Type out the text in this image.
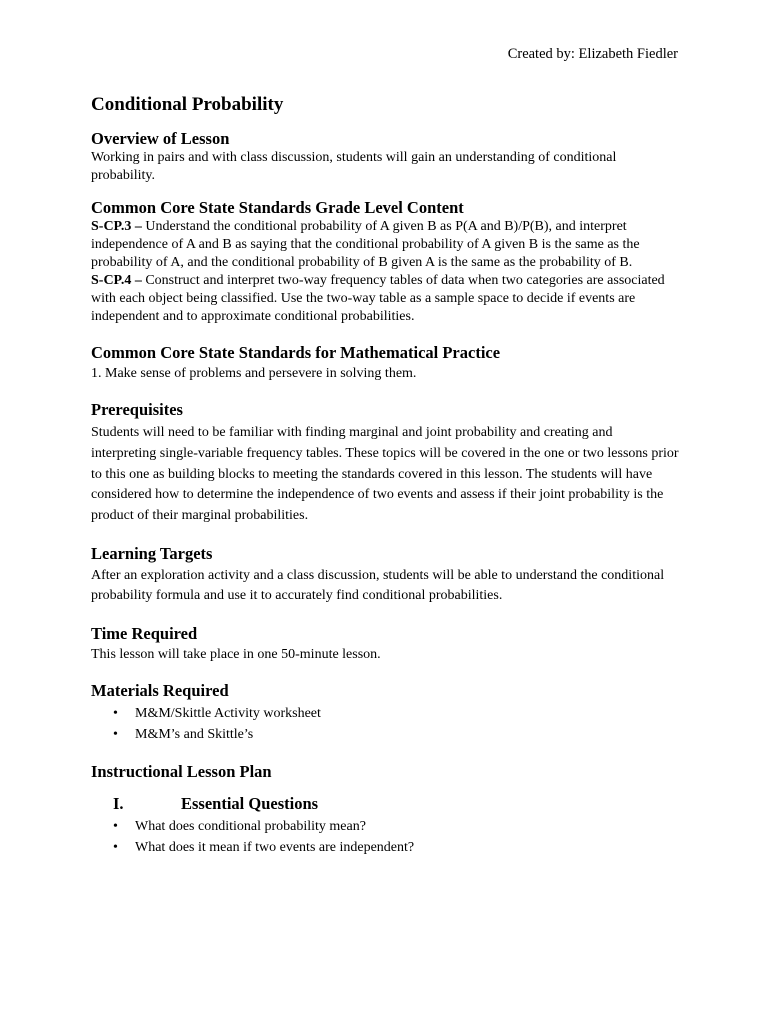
Created by: Elizabeth Fiedler
Conditional Probability
Overview of Lesson

Working in pairs and with class discussion, students will gain an understanding of conditional probability.

Common Core State Standards Grade Level Content

S-CP.3 – Understand the conditional probability of A given B as P(A and B)/P(B), and interpret independence of A and B as saying that the conditional probability of A given B is the same as the probability of A, and the conditional probability of B given A is the same as the probability of B.

S-CP.4 – Construct and interpret two-way frequency tables of data when two categories are associated with each object being classified. Use the two-way table as a sample space to decide if events are independent and to approximate conditional probabilities.

Common Core State Standards for Mathematical Practice

1. Make sense of problems and persevere in solving them.

Prerequisites

Students will need to be familiar with finding marginal and joint probability and creating and interpreting single-variable frequency tables. These topics will be covered in the one or two lessons prior to this one as building blocks to meeting the standards covered in this lesson. The students will have considered how to determine the independence of two events and assess if their joint probability is the product of their marginal probabilities.

Learning Targets

After an exploration activity and a class discussion, students will be able to understand the conditional probability formula and use it to accurately find conditional probabilities.

Time Required

This lesson will take place in one 50-minute lesson.

Materials Required
• M&M/Skittle Activity worksheet
• M&M’s and Skittle’s
Instructional Lesson Plan
I.	Essential Questions
• What does conditional probability mean?
• What does it mean if two events are independent?
